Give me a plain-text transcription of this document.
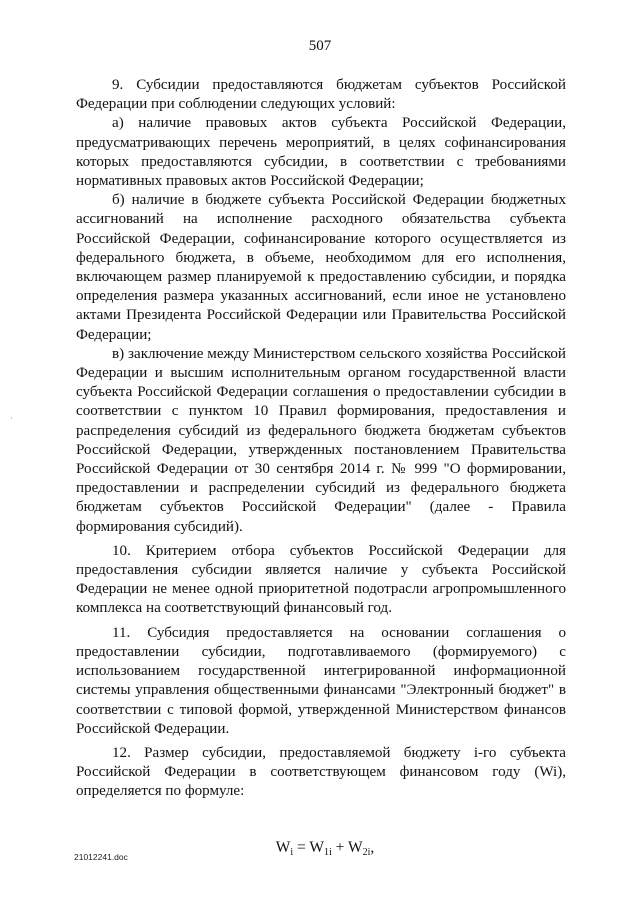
507
·

9. Субсидии предоставляются бюджетам субъектов Российской Федерации при соблюдении следующих условий:

а) наличие правовых актов субъекта Российской Федерации, предусматривающих перечень мероприятий, в целях софинансирования которых предоставляются субсидии, в соответствии с требованиями нормативных правовых актов Российской Федерации;

б) наличие в бюджете субъекта Российской Федерации бюджетных ассигнований на исполнение расходного обязательства субъекта Российской Федерации, софинансирование которого осуществляется из федерального бюджета, в объеме, необходимом для его исполнения, включающем размер планируемой к предоставлению субсидии, и порядка определения размера указанных ассигнований, если иное не установлено актами Президента Российской Федерации или Правительства Российской Федерации;

в) заключение между Министерством сельского хозяйства Российской Федерации и высшим исполнительным органом государственной власти субъекта Российской Федерации соглашения о предоставлении субсидии в соответствии с пунктом 10 Правил формирования, предоставления и распределения субсидий из федерального бюджета бюджетам субъектов Российской Федерации, утвержденных постановлением Правительства Российской Федерации от 30 сентября 2014 г. № 999 "О формировании, предоставлении и распределении субсидий из федерального бюджета бюджетам субъектов Российской Федерации" (далее - Правила формирования субсидий).

10. Критерием отбора субъектов Российской Федерации для предоставления субсидии является наличие у субъекта Российской Федерации не менее одной приоритетной подотрасли агропромышленного комплекса на соответствующий финансовый год.

11. Субсидия предоставляется на основании соглашения о предоставлении субсидии, подготавливаемого (формируемого) с использованием государственной интегрированной информационной системы управления общественными финансами "Электронный бюджет" в соответствии с типовой формой, утвержденной Министерством финансов Российской Федерации.

12. Размер субсидии, предоставляемой бюджету i-го субъекта Российской Федерации в соответствующем финансовом году (Wi), определяется по формуле:

$W_i = W_{1i} + W_{2i}$,
21012241.doc
